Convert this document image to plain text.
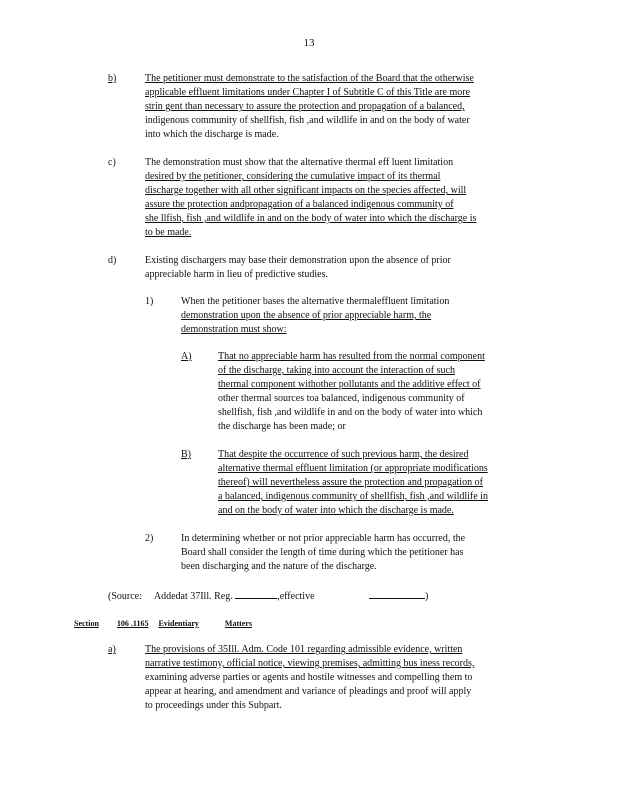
13
b)	The petitioner must demonstrate to the satisfaction of the Board that the otherwise
applicable effluent limitations under Chapter I of Subtitle C of this Title are more
strin gent than necessary to assure the protection and propagation of a balanced,
indigenous community of shellfish, fish ,and wildlife in and on the body of water
into which the discharge is made.
c)	The demonstration must show that the alternative thermal eff luent limitation
desired by the petitioner, considering the cumulative impact of its thermal
discharge together with all other significant impacts on the species affected, will
assure the protection andpropagation of a balanced indigenous community of
she llfish, fish ,and wildlife in and on the body of water into which the discharge is
to be made.
d)	Existing dischargers may base their demonstration upon the absence of prior
appreciable harm in lieu of predictive studies.
1)	When the petitioner bases the alternative thermaleffluent limitation
demonstration upon the absence of prior appreciable harm, the
demonstration must show:
A)	That no appreciable harm has resulted from the normal component
of the discharge, taking into account the interaction of such
thermal component withother pollutants and the additive effect of
other thermal sources toa balanced, indigenous community of
shellfish, fish ,and wildlife in and on the body of water into which
the discharge has been made; or
B)	That despite the occurrence of such previous harm, the desired
alternative thermal effluent limitation (or appropriate modifications
thereof) will nevertheless assure the protection and propagation of
a balanced, indigenous community of shellfish, fish ,and wildlife in
and on the body of water into which the discharge is made.
2)	In determining whether or not prior appreciable harm has occurred, the
Board shall consider the length of time during which the petitioner has
been discharging and the nature of the discharge.
(Source: Addedat 37Ill. Reg.	,effective	)
Section 106 .1165 Evidentiary	Matters
a)	The provisions of 35Ill. Adm. Code 101 regarding admissible evidence, written
narrative testimony, official notice, viewing premises, admitting bus iness records,
examining adverse parties or agents and hostile witnesses and compelling them to
appear at hearing, and amendment and variance of pleadings and proof will apply
to proceedings under this Subpart.
